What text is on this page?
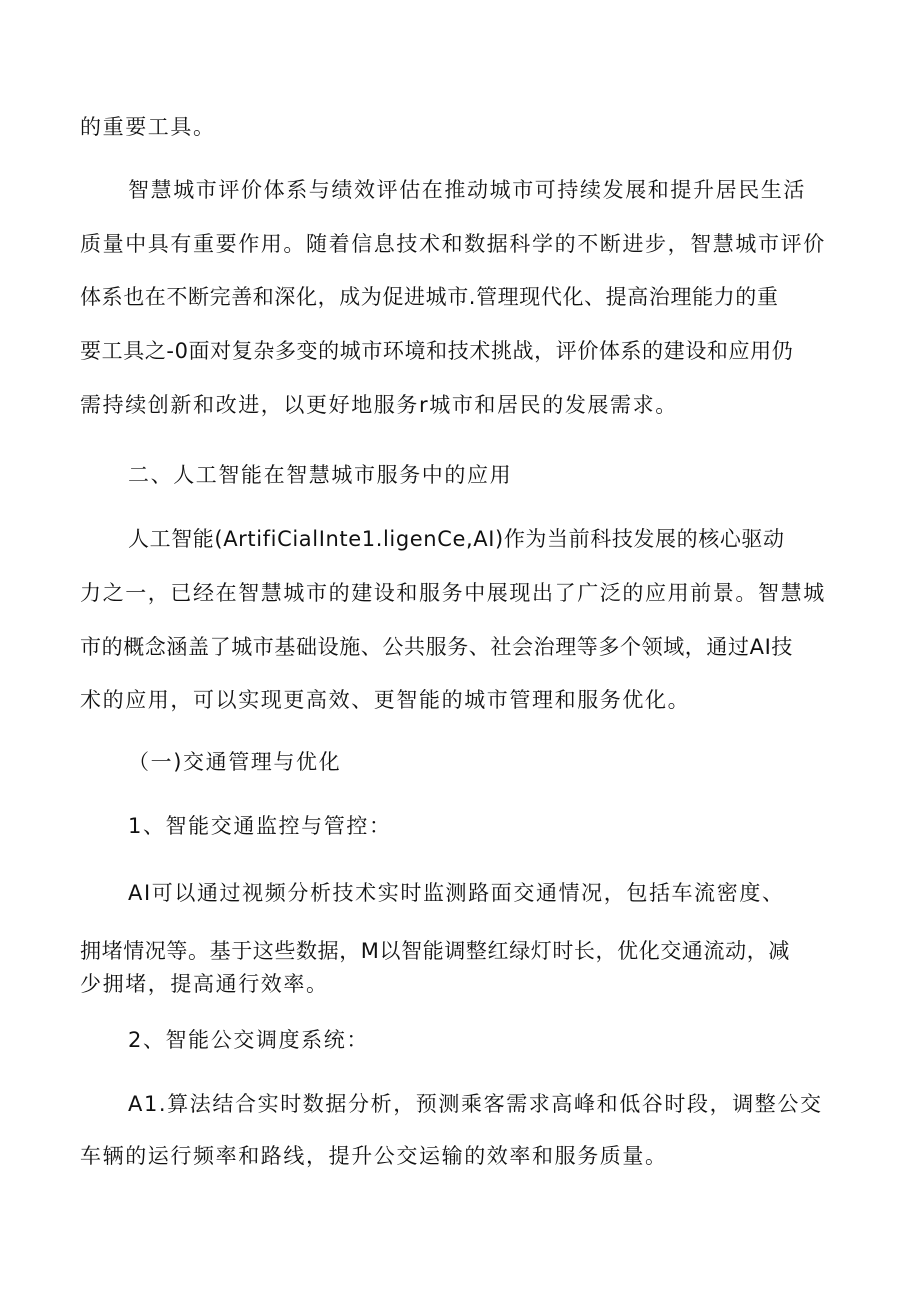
的重要工具。
智慧城市评价体系与绩效评估在推动城市可持续发展和提升居民生活
质量中具有重要作用。随着信息技术和数据科学的不断进步，智慧城市评价
体系也在不断完善和深化，成为促进城市.管理现代化、提高治理能力的重
要工具之-0面对复杂多变的城市环境和技术挑战，评价体系的建设和应用仍
需持续创新和改进，以更好地服务r城市和居民的发展需求。
二、人工智能在智慧城市服务中的应用
人工智能(ArtifiCialInte1.ligenCe,AI)作为当前科技发展的核心驱动
力之一，已经在智慧城市的建设和服务中展现出了广泛的应用前景。智慧城
市的概念涵盖了城市基础设施、公共服务、社会治理等多个领域，通过AI技
术的应用，可以实现更高效、更智能的城市管理和服务优化。
（一)交通管理与优化
1、智能交通监控与管控：
AI可以通过视频分析技术实时监测路面交通情况，包括车流密度、
拥堵情况等。基于这些数据，M以智能调整红绿灯时长，优化交通流动，减
少拥堵，提高通行效率。
2、智能公交调度系统：
A1.算法结合实时数据分析，预测乘客需求高峰和低谷时段，调整公交
车辆的运行频率和路线，提升公交运输的效率和服务质量。
